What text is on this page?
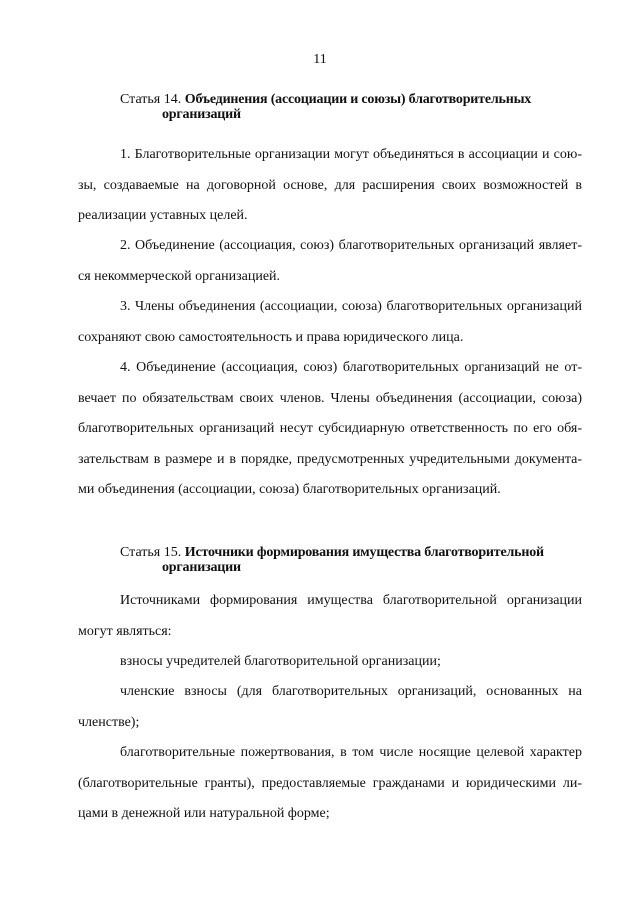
11
Статья 14. Объединения (ассоциации и союзы) благотворительных
организаций

1. Благотворительные организации могут объединяться в ассоциации и союзы, создаваемые на договорной основе, для расширения своих возможностей в реализации уставных целей.

2. Объединение (ассоциация, союз) благотворительных организаций является некоммерческой организацией.

3. Члены объединения (ассоциации, союза) благотворительных организаций сохраняют свою самостоятельность и права юридического лица.

4. Объединение (ассоциация, союз) благотворительных организаций не отвечает по обязательствам своих членов. Члены объединения (ассоциации, союза) благотворительных организаций несут субсидиарную ответственность по его обязательствам в размере и в порядке, предусмотренных учредительными документами объединения (ассоциации, союза) благотворительных организаций.

Статья 15. Источники формирования имущества благотворительной
организации

Источниками формирования имущества благотворительной организации могут являться:

взносы учредителей благотворительной организации;

членские взносы (для благотворительных организаций, основанных на членстве);

благотворительные пожертвования, в том числе носящие целевой характер (благотворительные гранты), предоставляемые гражданами и юридическими лицами в денежной или натуральной форме;
